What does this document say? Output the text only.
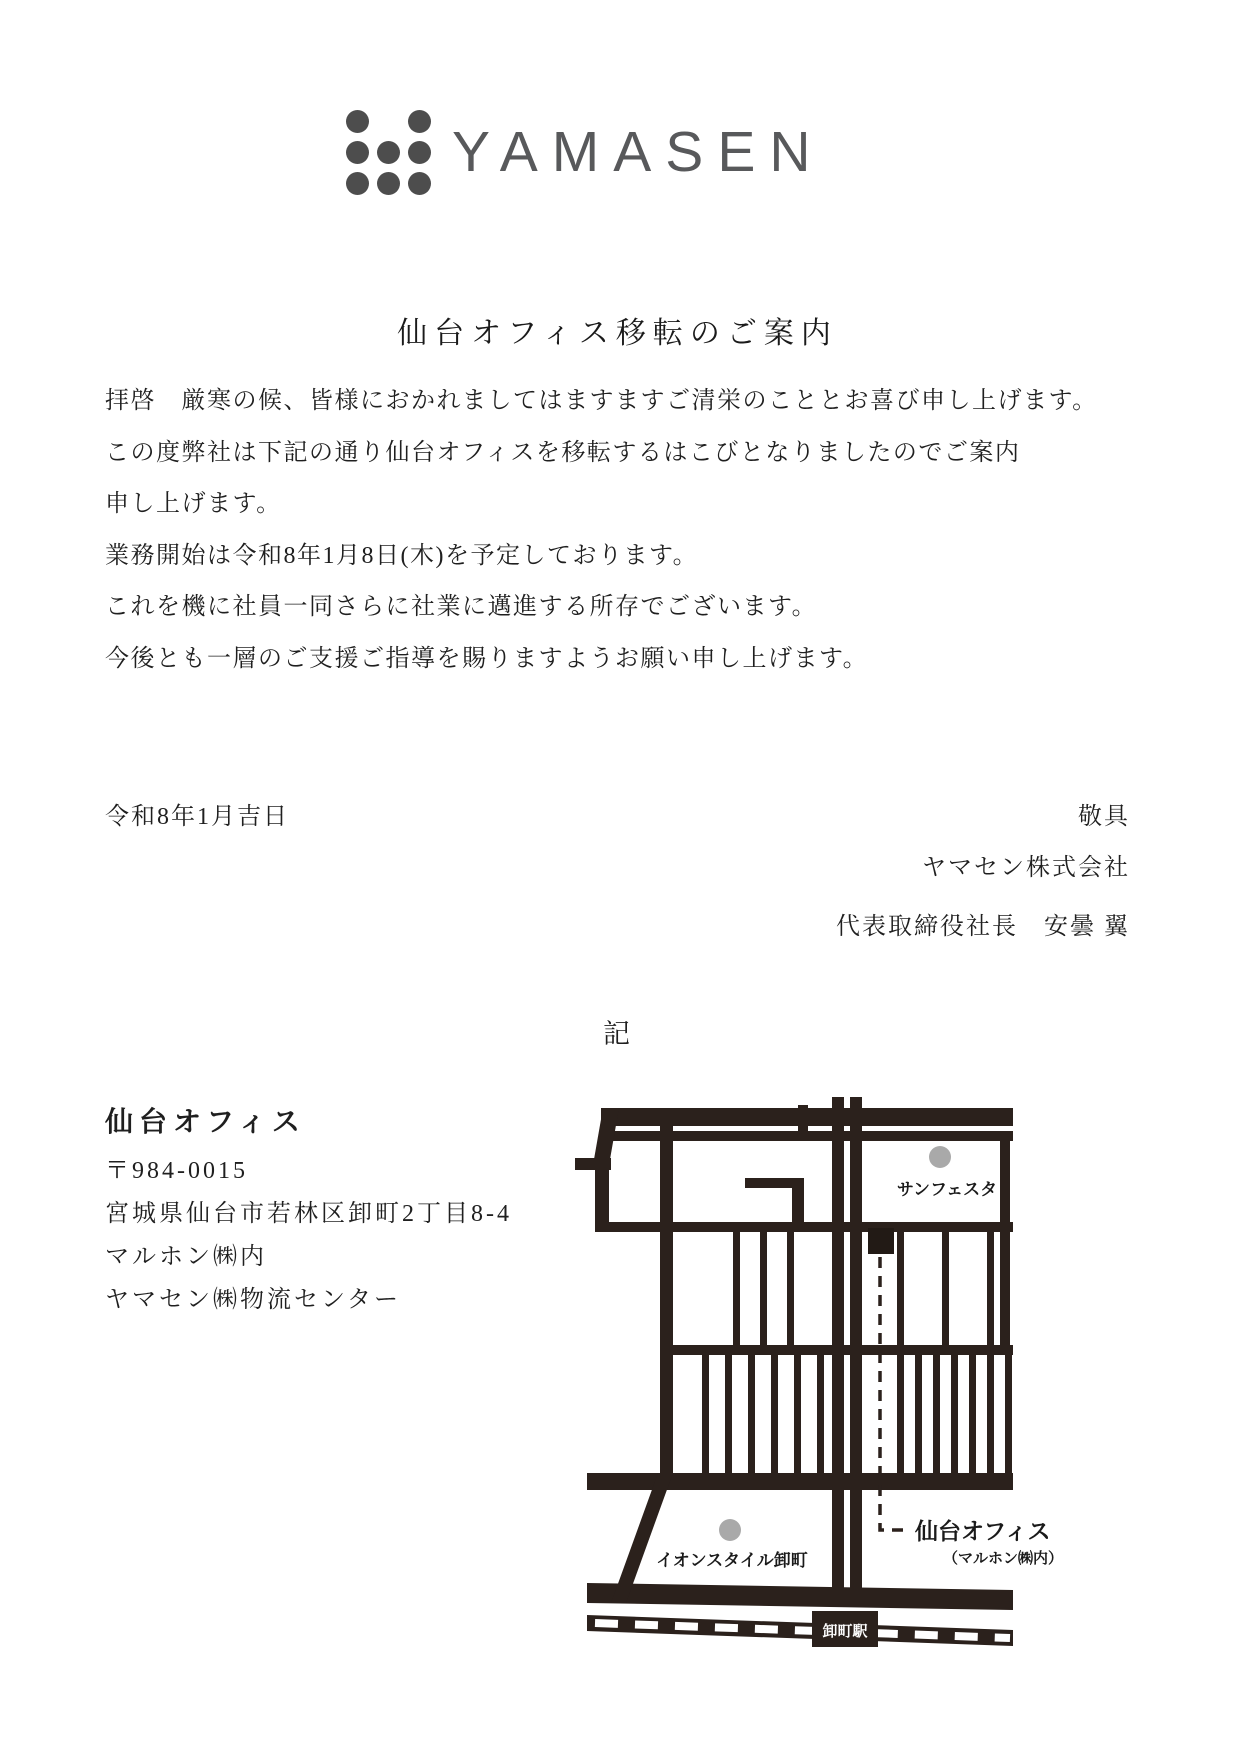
YAMASEN
仙台オフィス移転のご案内
拝啓　厳寒の候、皆様におかれましてはますますご清栄のこととお喜び申し上げます。
この度弊社は下記の通り仙台オフィスを移転するはこびとなりましたのでご案内
申し上げます。
業務開始は令和8年1月8日(木)を予定しております。
これを機に社員一同さらに社業に邁進する所存でございます。
今後とも一層のご支援ご指導を賜りますようお願い申し上げます。
令和8年1月吉日	敬具
ヤマセン株式会社
代表取締役社長　安曇 翼
記
仙台オフィス
〒984-0015
宮城県仙台市若林区卸町2丁目8-4
マルホン㈱内
ヤマセン㈱物流センター
サンフェスタ
イオンスタイル卸町
仙台オフィス
（マルホン㈱内）
卸町駅
